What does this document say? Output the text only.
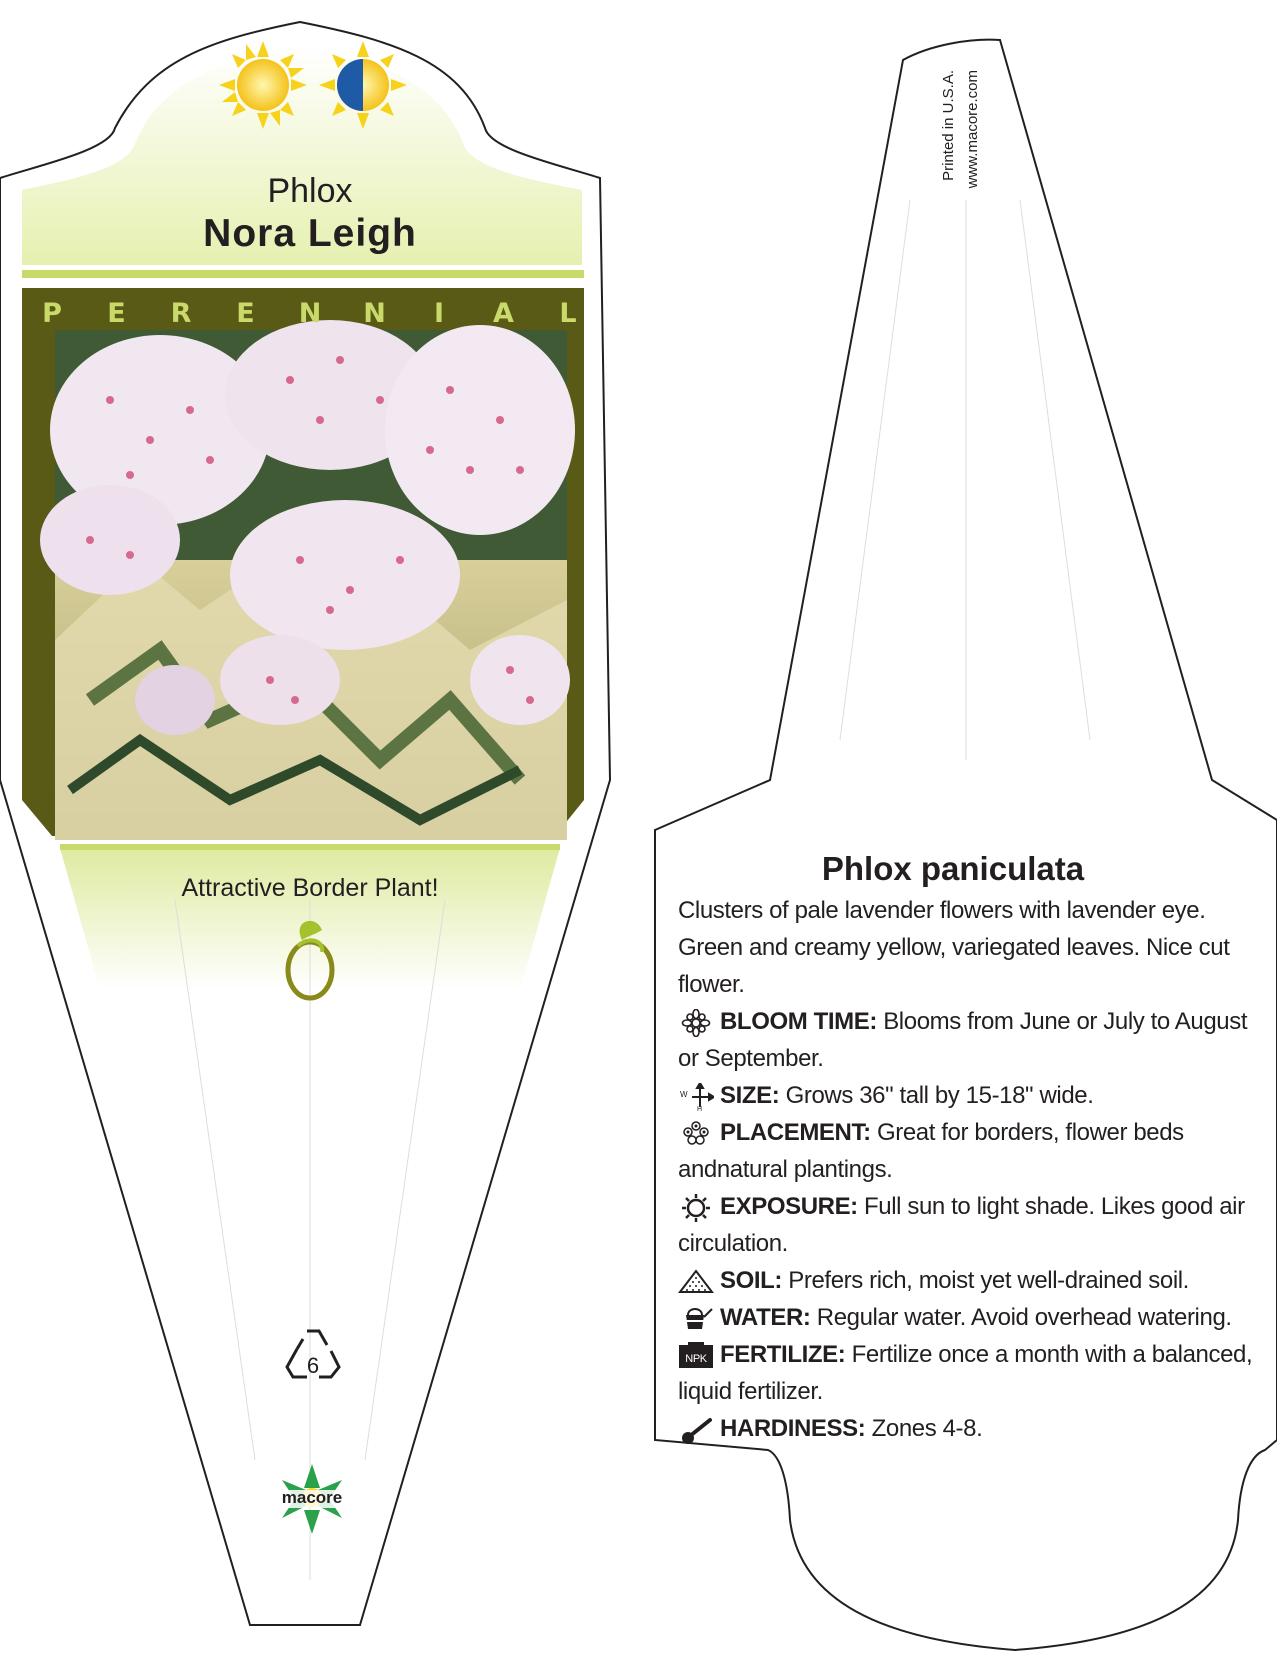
Phlox
Nora Leigh
P E R E N N I A L
Attractive Border Plant!
6
macore
Printed in U.S.A. www.macore.com
Phlox paniculata
Clusters of pale lavender flowers with lavender eye. Green and creamy yellow, variegated leaves. Nice cut flower.
BLOOM TIME: Blooms from June or July to August or September.
W
H
SIZE: Grows 36" tall by 15-18" wide.
PLACEMENT: Great for borders, flower beds andnatural plantings.
EXPOSURE: Full sun to light shade. Likes good air circulation.
SOIL: Prefers rich, moist yet well-drained soil.
WATER: Regular water. Avoid overhead watering.
NPK FERTILIZE: Fertilize once a month with a balanced, liquid fertilizer.
HARDINESS: Zones 4-8.
